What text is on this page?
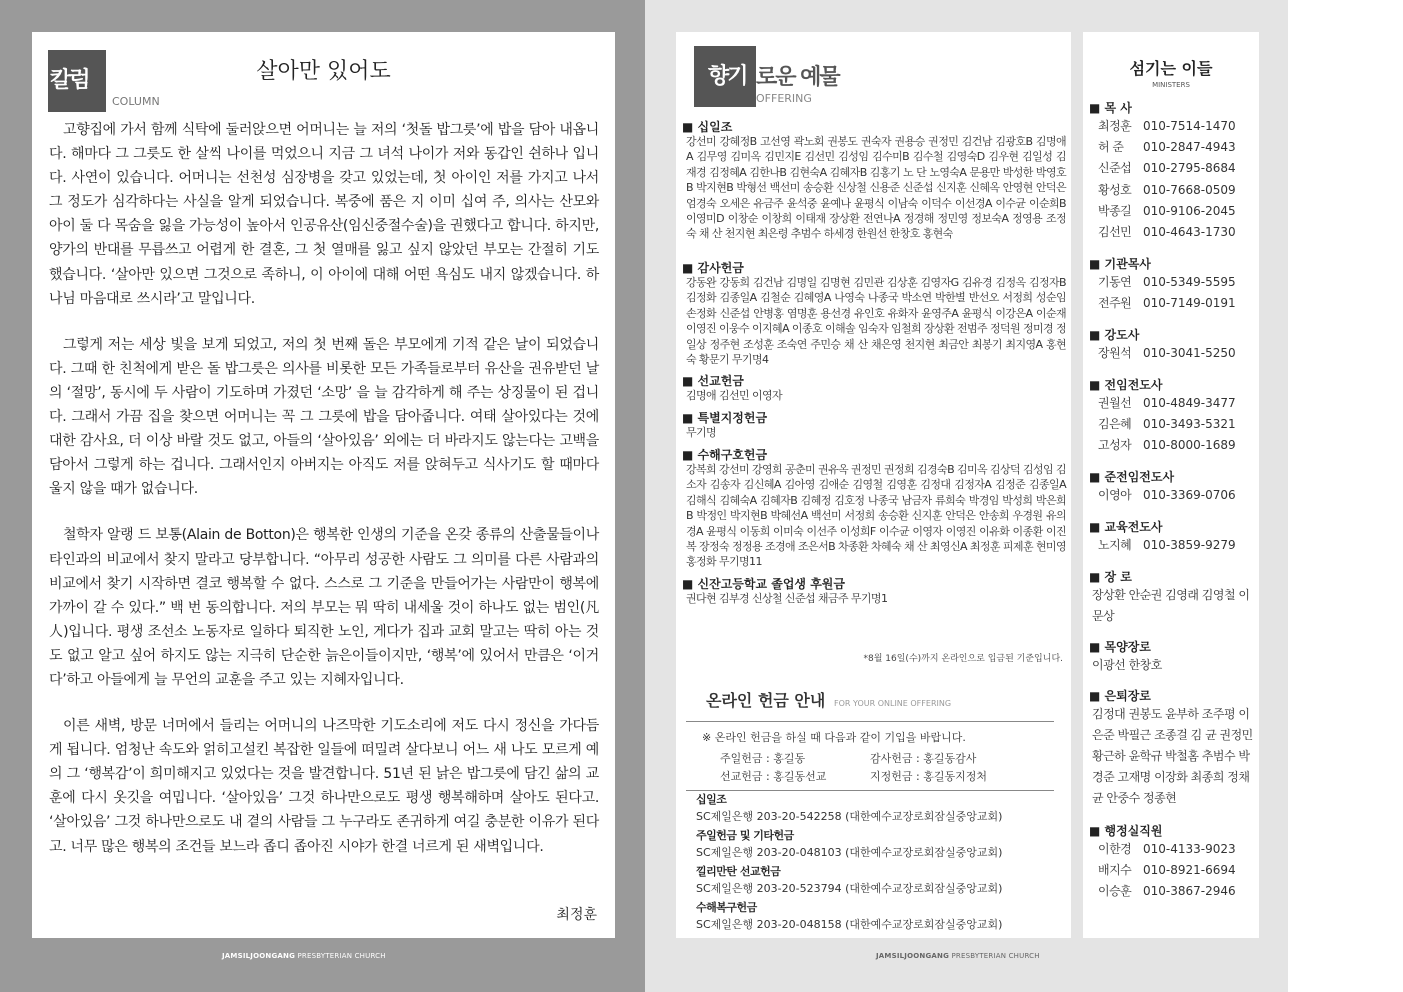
칼럼
COLUMN
살아만 있어도

고향집에 가서 함께 식탁에 둘러앉으면 어머니는 늘 저의 ‘첫돌 밥그릇’에 밥을 담아 내옵니다. 해마다 그 그릇도 한 살씩 나이를 먹었으니 지금 그 녀석 나이가 저와 동갑인 쉰하나 입니다. 사연이 있습니다. 어머니는 선천성 심장병을 갖고 있었는데, 첫 아이인 저를 가지고 나서 그 정도가 심각하다는 사실을 알게 되었습니다. 복중에 품은 지 이미 십여 주, 의사는 산모와 아이 둘 다 목숨을 잃을 가능성이 높아서 인공유산(임신중절수술)을 권했다고 합니다. 하지만, 양가의 반대를 무릅쓰고 어렵게 한 결혼, 그 첫 열매를 잃고 싶지 않았던 부모는 간절히 기도했습니다. ‘살아만 있으면 그것으로 족하니, 이 아이에 대해 어떤 욕심도 내지 않겠습니다. 하나님 마음대로 쓰시라’고 말입니다.

그렇게 저는 세상 빛을 보게 되었고, 저의 첫 번째 돌은 부모에게 기적 같은 날이 되었습니다. 그때 한 친척에게 받은 돌 밥그릇은 의사를 비롯한 모든 가족들로부터 유산을 권유받던 날의 ‘절망’, 동시에 두 사람이 기도하며 가졌던 ‘소망’ 을 늘 감각하게 해 주는 상징물이 된 겁니다. 그래서 가끔 집을 찾으면 어머니는 꼭 그 그릇에 밥을 담아줍니다. 여태 살아있다는 것에 대한 감사요, 더 이상 바랄 것도 없고, 아들의 ‘살아있음’ 외에는 더 바라지도 않는다는 고백을 담아서 그렇게 하는 겁니다. 그래서인지 아버지는 아직도 저를 앉혀두고 식사기도 할 때마다 울지 않을 때가 없습니다.

철학자 알랭 드 보통(Alain de Botton)은 행복한 인생의 기준을 온갖 종류의 산출물들이나 타인과의 비교에서 찾지 말라고 당부합니다. “아무리 성공한 사람도 그 의미를 다른 사람과의 비교에서 찾기 시작하면 결코 행복할 수 없다. 스스로 그 기준을 만들어가는 사람만이 행복에 가까이 갈 수 있다.” 백 번 동의합니다. 저의 부모는 뭐 딱히 내세울 것이 하나도 없는 범인(凡人)입니다. 평생 조선소 노동자로 일하다 퇴직한 노인, 게다가 집과 교회 말고는 딱히 아는 것도 없고 알고 싶어 하지도 않는 지극히 단순한 늙은이들이지만, ‘행복’에 있어서 만큼은 ‘이거다’하고 아들에게 늘 무언의 교훈을 주고 있는 지혜자입니다.

이른 새벽, 방문 너머에서 들리는 어머니의 나즈막한 기도소리에 저도 다시 정신을 가다듬게 됩니다. 엄청난 속도와 얽히고설킨 복잡한 일들에 떠밀려 살다보니 어느 새 나도 모르게 예의 그 ‘행복감’이 희미해지고 있었다는 것을 발견합니다. 51년 된 낡은 밥그릇에 담긴 삶의 교훈에 다시 옷깃을 여밉니다. ‘살아있음’ 그것 하나만으로도 평생 행복해하며 살아도 된다고. ‘살아있음’ 그것 하나만으로도 내 곁의 사람들 그 누구라도 존귀하게 여길 충분한 이유가 된다고. 너무 많은 행복의 조건들 보느라 좁디 좁아진 시야가 한결 너르게 된 새벽입니다.

최정훈
JAMSILJOONGANG PRESBYTERIAN CHURCH
향기 로운 예물
OFFERING
■ 십일조
강선미 강혜정B 고선영 곽노회 권봉도 권숙자 권용승 권정민 김건남 김광호B 김명애A 김무영 김미옥 김민지E 김선민 김성임 김수미B 김수철 김영숙D 김우현 김일성 김재경 김정혜A 김한나B 김현숙A 김혜자B 김홍기 노 단 노영숙A 문용만 박성한 박영호B 박지현B 박형선 백선미 송승환 신상철 신용준 신준섭 신지훈 신혜옥 안영현 안덕은 엄경숙 오세은 유금주 윤석중 윤예나 윤평식 이남숙 이덕수 이선경A 이수균 이순희B 이영미D 이창순 이창희 이태재 장상환 전연나A 정경해 정민영 정보숙A 정영용 조정숙 채 산 천지현 최은령 추범수 하세경 한원선 한창호 홍현숙
■ 감사헌금
강동완 강동희 김건남 김명일 김명현 김민관 김상훈 김영자G 김유경 김정옥 김정자B 김정화 김종일A 김철순 김혜영A 나영숙 나종국 박소연 박한별 반선오 서정희 성순임 손정화 신준섭 안병홍 염명훈 용선경 유인호 유화자 윤영주A 윤평식 이강은A 이순재 이영진 이웅수 이지혜A 이종호 이해솔 임숙자 임철희 장상환 전범주 정덕원 정미경 정일상 정주현 조성훈 조숙연 주민승 채 산 채은영 천지현 최금안 최봉기 최지영A 홍현숙 황문기 무기명4
■ 선교헌금
김명애 김선민 이영자
■ 특별지정헌금
무기명
■ 수해구호헌금
강복희 강선미 강영희 공춘미 권유옥 권정민 권정희 김경숙B 김미옥 김상덕 김성임 김소자 김송자 김신혜A 김아영 김애순 김영철 김영훈 김정대 김정자A 김정준 김종일A 김해식 김혜숙A 김혜자B 김혜정 김호정 나종국 남금자 류희숙 박경임 박성희 박은희B 박정인 박지현B 박혜선A 백선미 서정희 송승환 신지훈 안덕은 안송희 우경원 유의경A 윤평식 이동희 이미숙 이선주 이성희F 이수균 이영자 이영진 이유화 이종환 이진복 장정숙 정정용 조경애 조은서B 차종환 차혜숙 채 산 최영신A 최정훈 피제훈 현미영 홍정화 무기명11
■ 신잔고등학교 졸업생 후원금
권다현 김부경 신상철 신준섭 채금주 무기명1
*8월 16일(수)까지 온라인으로 입금된 기준입니다.
온라인 헌금 안내 FOR YOUR ONLINE OFFERING
※ 온라인 헌금을 하실 때 다음과 같이 기입을 바랍니다.
주일헌금 : 홍길동	감사헌금 : 홍길동감사
선교헌금 : 홍길동선교	지정헌금 : 홍길동지정처
십일조
SC제일은행 203-20-542258 (대한예수교장로회잠실중앙교회)
주일헌금 및 기타헌금
SC제일은행 203-20-048103 (대한예수교장로회잠실중앙교회)
낄리만탄 선교헌금
SC제일은행 203-20-523794 (대한예수교장로회잠실중앙교회)
수해복구헌금
SC제일은행 203-20-048158 (대한예수교장로회잠실중앙교회)
JAMSILJOONGANG PRESBYTERIAN CHURCH
섬기는 이들
MINISTERS
■ 목 사
최정훈 010-7514-1470
허 준 010-2847-4943
신준섭 010-2795-8684
황성호 010-7668-0509
박종길 010-9106-2045
김선민 010-4643-1730
■ 기관목사
기동연 010-5349-5595
전주원 010-7149-0191
■ 강도사
장원석 010-3041-5250
■ 전임전도사
권월선 010-4849-3477
김은혜 010-3493-5321
고성자 010-8000-1689
■ 준전임전도사
이영아 010-3369-0706
■ 교육전도사
노지혜 010-3859-9279
■ 장 로
장상환 안순권 김영래 김영철 이문상
■ 목양장로
이광선 한창호
■ 은퇴장로
김정대 권봉도 윤부하 조주평 이은준 박필근 조종걸 김 균 권정민 황근하 윤학규 박철홈 추범수 박경준 고재명 이장화 최종희 정채균 안중수 정종현
■ 행정실직원
이한경 010-4133-9023
배지수 010-8921-6694
이승훈 010-3867-2946
